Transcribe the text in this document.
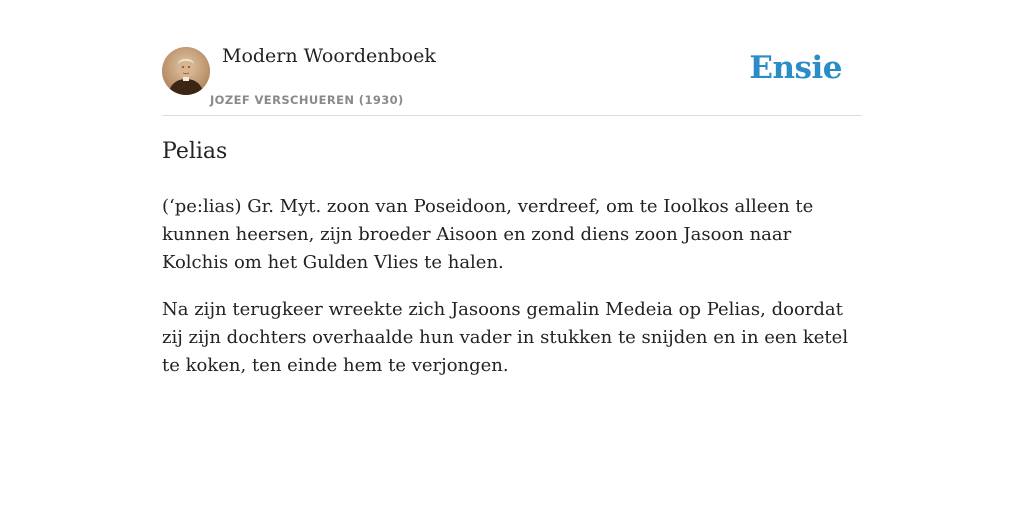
Modern Woordenboek
JOZEF VERSCHUEREN (1930)
Ensie
Pelias

(‘pe:lias) Gr. Myt. zoon van Poseidoon, verdreef, om te Ioolkos alleen te kunnen heersen, zijn broeder Aisoon en zond diens zoon Jasoon naar Kolchis om het Gulden Vlies te halen.

Na zijn terugkeer wreekte zich Jasoons gemalin Medeia op Pelias, doordat zij zijn dochters overhaalde hun vader in stukken te snijden en in een ketel te koken, ten einde hem te verjongen.
